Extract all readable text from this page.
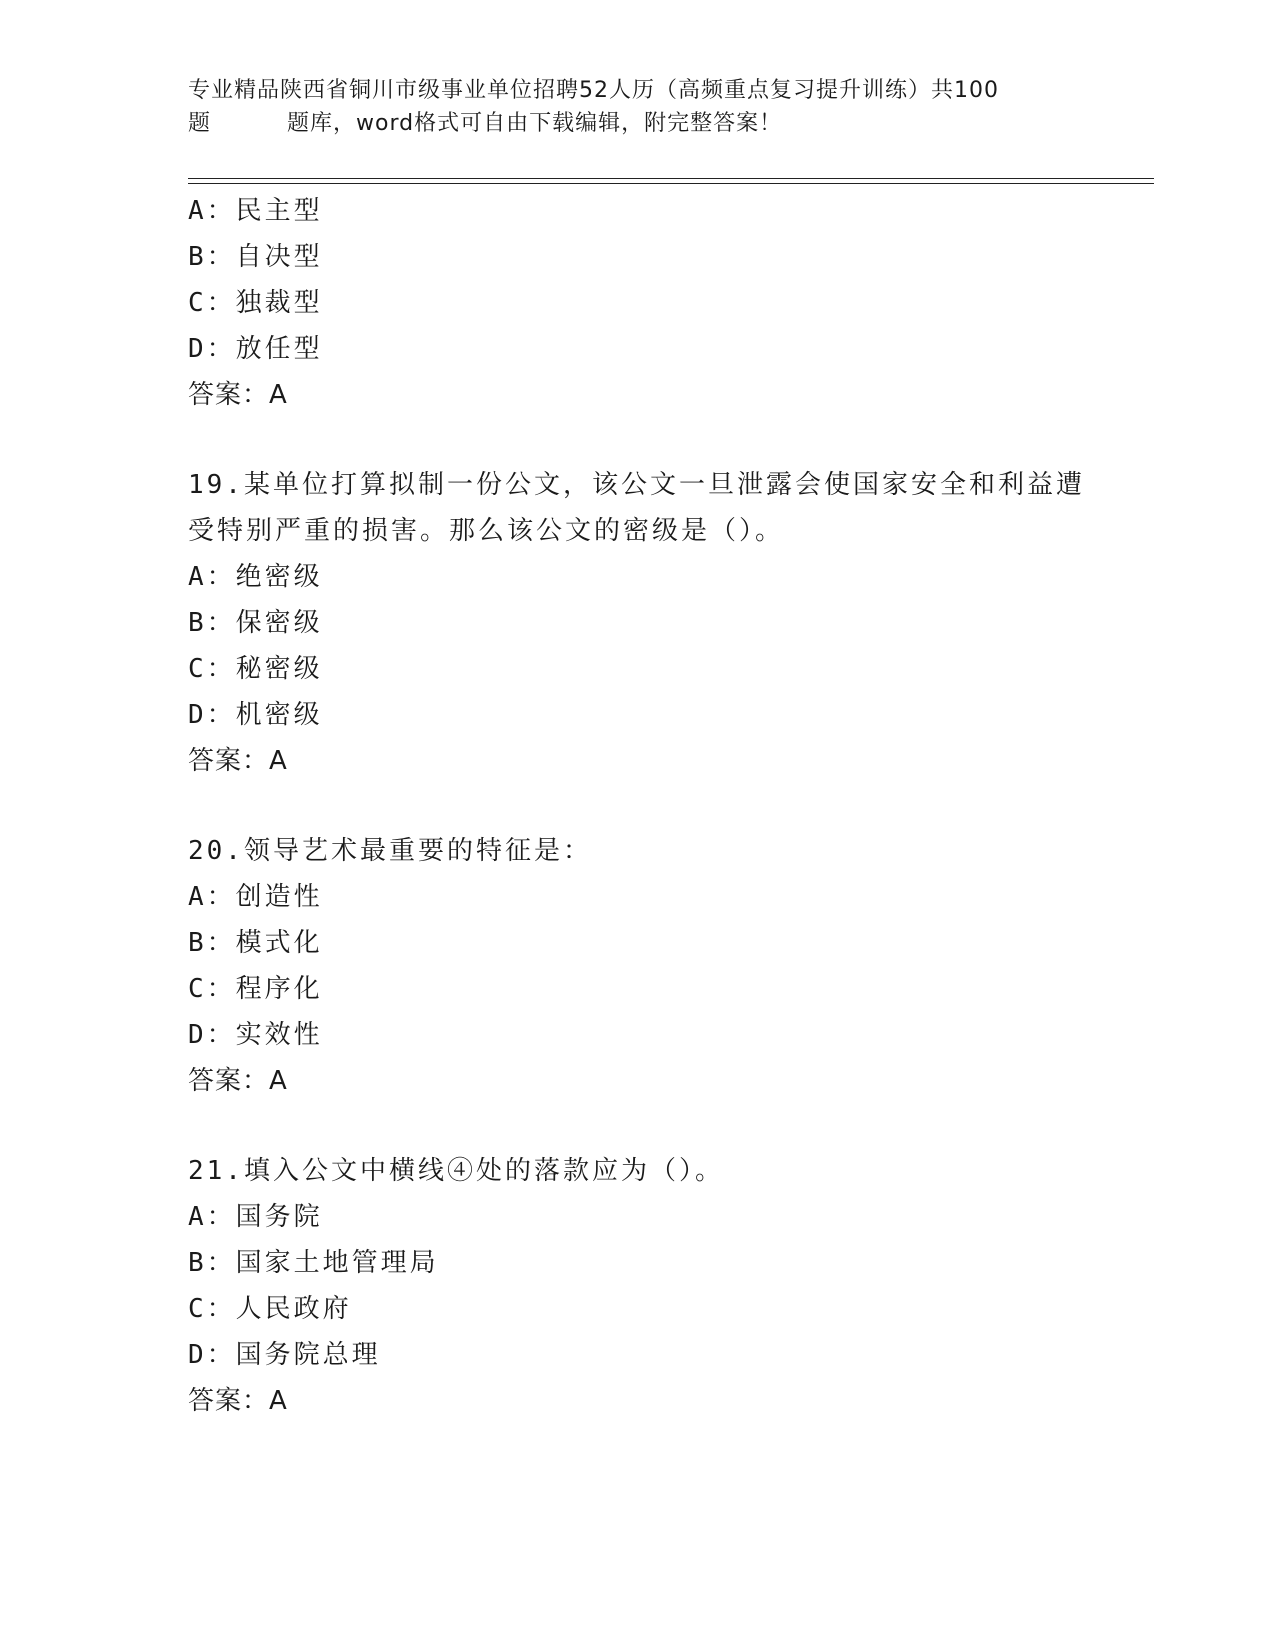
专业精品陕西省铜川市级事业单位招聘52人历（高频重点复习提升训练）共100
题	题库，word格式可自由下载编辑，附完整答案！
A：民主型
B：自决型
C：独裁型
D：放任型
答案：A
19.某单位打算拟制一份公文，该公文一旦泄露会使国家安全和利益遭
受特别严重的损害。那么该公文的密级是（）。
A：绝密级
B：保密级
C：秘密级
D：机密级
答案：A
20.领导艺术最重要的特征是：
A：创造性
B：模式化
C：程序化
D：实效性
答案：A
21.填入公文中横线④处的落款应为（）。
A：国务院
B：国家土地管理局
C：人民政府
D：国务院总理
答案：A
